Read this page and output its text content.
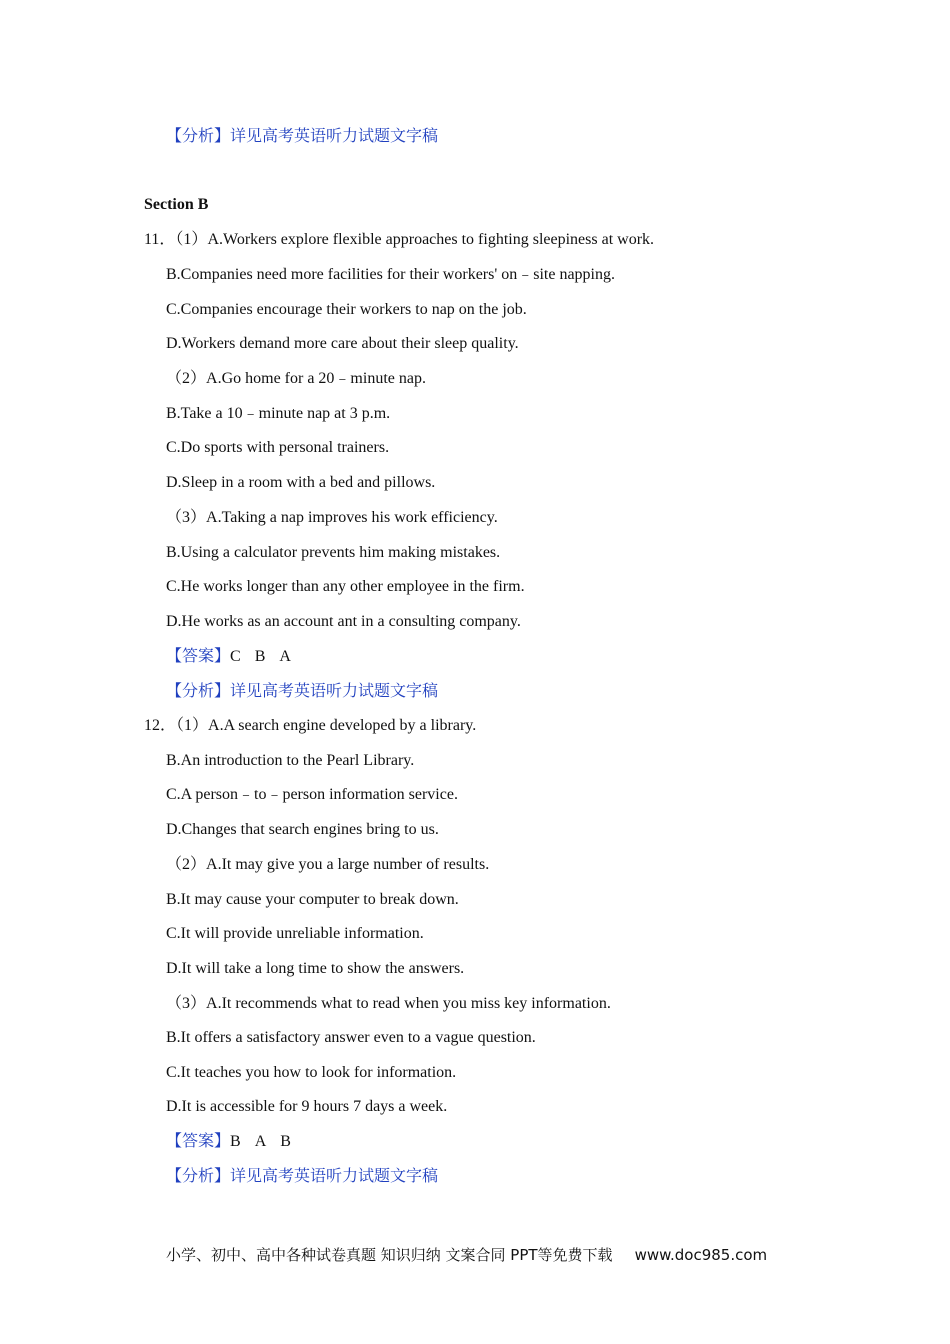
【分析】详见高考英语听力试题文字稿
Section B
11．（1）A.Workers explore flexible approaches to fighting sleepiness at work.
B.Companies need more facilities for their workers' on﹣site napping.
C.Companies encourage their workers to nap on the job.
D.Workers demand more care about their sleep quality.
（2）A.Go home for a 20﹣minute nap.
B.Take a 10﹣minute nap at 3 p.m.
C.Do sports with personal trainers.
D.Sleep in a room with a bed and pillows.
（3）A.Taking a nap improves his work efficiency.
B.Using a calculator prevents him making mistakes.
C.He works longer than any other employee in the firm.
D.He works as an account ant in a consulting company.
【答案】C B A
【分析】详见高考英语听力试题文字稿
12．（1）A.A search engine developed by a library.
B.An introduction to the Pearl Library.
C.A person﹣to﹣person information service.
D.Changes that search engines bring to us.
（2）A.It may give you a large number of results.
B.It may cause your computer to break down.
C.It will provide unreliable information.
D.It will take a long time to show the answers.
（3）A.It recommends what to read when you miss key information.
B.It offers a satisfactory answer even to a vague question.
C.It teaches you how to look for information.
D.It is accessible for 9 hours 7 days a week.
【答案】B A B
【分析】详见高考英语听力试题文字稿
小学、初中、高中各种试卷真题 知识归纳 文案合同 PPT等免费下载 www.doc985.com
